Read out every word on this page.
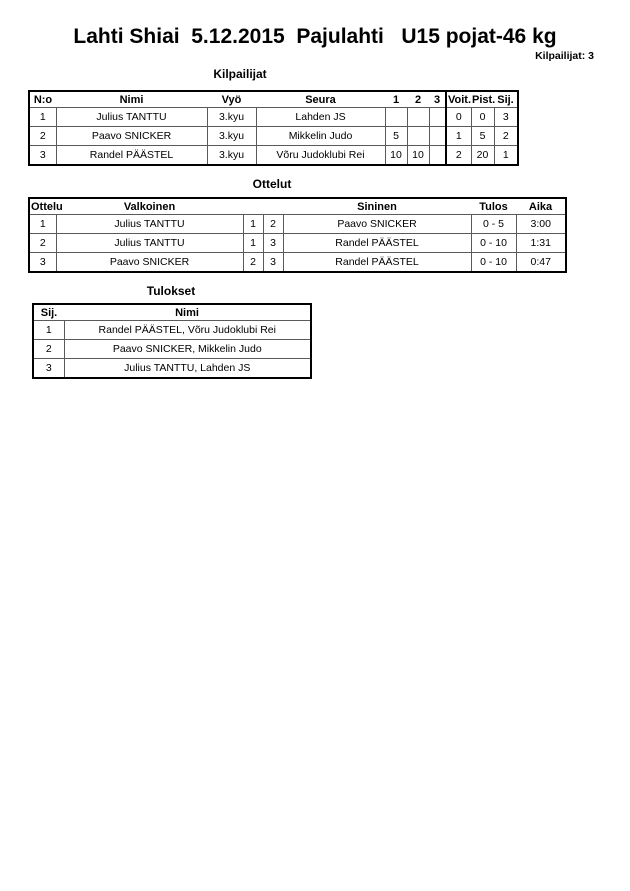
Lahti Shiai  5.12.2015  Pajulahti   U15 pojat-46 kg
Kilpailijat: 3
Kilpailijat
N:o	Nimi	Vyö	Seura	1	2	3	Voit.	Pist.	Sij.
1	Julius TANTTU	3.kyu	Lahden JS				0	0	3
2	Paavo SNICKER	3.kyu	Mikkelin Judo	5			1	5	2
3	Randel PÄÄSTEL	3.kyu	Võru Judoklubi Rei	10	10		2	20	1
Ottelut
Ottelu	Valkoinen			Sininen	Tulos	Aika
1	Julius TANTTU	1	2	Paavo SNICKER	0 - 5	3:00
2	Julius TANTTU	1	3	Randel PÄÄSTEL	0 - 10	1:31
3	Paavo SNICKER	2	3	Randel PÄÄSTEL	0 - 10	0:47
Tulokset
Sij.	Nimi
1	Randel PÄÄSTEL, Võru Judoklubi Rei
2	Paavo SNICKER, Mikkelin Judo
3	Julius TANTTU, Lahden JS
